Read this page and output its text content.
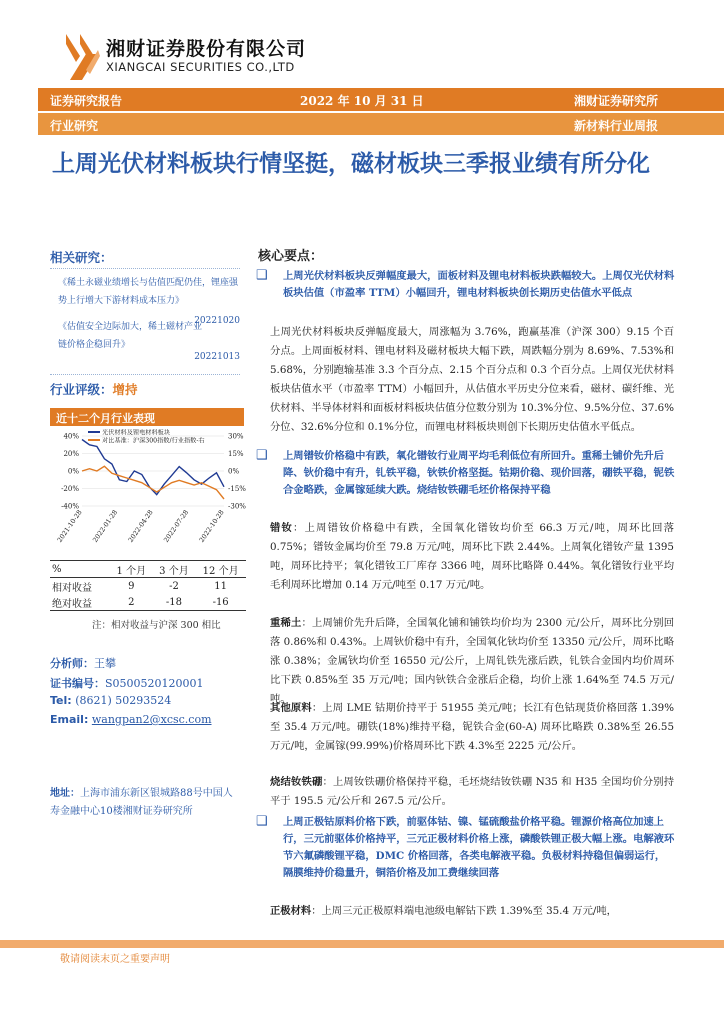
湘财证券股份有限公司
XIANGCAI SECURITIES CO.,LTD
证券研究报告	2022 年 10 月 31 日	湘财证券研究所
行业研究	新材料行业周报
上周光伏材料板块行情坚挺，磁材板块三季报业绩有所分化
相关研究：
《稀土永磁业绩增长与估值匹配仍佳，锂座强势上行增大下游材料成本压力》
20221020
《估值安全边际加大，稀土磁材产业链价格企稳回升》
20221013
行业评级：增持
近十二个月行业表现
40%
20%
0%
-20%
-40%
30%
15%
0%
-15%
-30%
2021-10-28 2022-01-28 2022-04-28 2022-07-28 2022-10-28
光伏材料及锂电材料板块
对比基准：沪深300指数/行业指数-右
%	1 个月	3 个月	12 个月
相对收益	9	-2	11
绝对收益	2	-18	-16
注：相对收益与沪深 300 相比
分析师：王攀
证书编号：S0500520120001
Tel: (8621) 50293524
Email: wangpan2@xcsc.com
地址：上海市浦东新区银城路88号中国人寿金融中心10楼湘财证券研究所
核心要点：
❑ 上周光伏材料板块反弹幅度最大，面板材料及锂电材料板块跌幅较大。上周仅光伏材料板块估值（市盈率 TTM）小幅回升，锂电材料板块创长期历史估值水平低点
上周光伏材料板块反弹幅度最大，周涨幅为 3.76%，跑赢基准（沪深 300）9.15 个百分点。上周面板材料、锂电材料及磁材板块大幅下跌，周跌幅分别为 8.69%、7.53%和 5.68%，分别跑输基准 3.3 个百分点、2.15 个百分点和 0.3 个百分点。上周仅光伏材料板块估值水平（市盈率 TTM）小幅回升，从估值水平历史分位来看，磁材、碳纤维、光伏材料、半导体材料和面板材料板块估值分位数分别为 10.3%分位、9.5%分位、37.6%分位、32.6%分位和 0.1%分位，而锂电材料板块则创下长期历史估值水平低点。
❑ 上周镨钕价格稳中有跌，氧化镨钕行业周平均毛利低位有所回升。重稀土铺价先升后降、钬价稳中有升，钆铁平稳，钬铁价格坚挺。钴期价稳、现价回落，硼铁平稳，铌铁合金略跌，金属镓延续大跌。烧结钕铁硼毛坯价格保持平稳
错钕：上周镨钕价格稳中有跌，全国氧化镨钕均价至 66.3 万元/吨，周环比回落 0.75%；镨钕金属均价至 79.8 万元/吨，周环比下跌 2.44%。上周氧化镨钕产量 1395 吨，周环比持平；氧化镨钕工厂库存 3366 吨，周环比略降 0.44%。氧化镨钕行业平均毛利周环比增加 0.14 万元/吨至 0.17 万元/吨。
重稀土：上周铺价先升后降，全国氧化铺和铺铁均价均为 2300 元/公斤，周环比分别回落 0.86%和 0.43%。上周钬价稳中有升，全国氧化钬均价至 13350 元/公斤，周环比略涨 0.38%；金属钬均价至 16550 元/公斤，上周钆铁先涨后跌，钆铁合金国内均价周环比下跌 0.85%至 35 万元/吨；国内钬铁合金涨后企稳，均价上涨 1.64%至 74.5 万元/吨。
其他原料：上周 LME 钴期价持平于 51955 美元/吨；长江有色钴现货价格回落 1.39%至 35.4 万元/吨。硼铁(18%)维持平稳，铌铁合金(60-A) 周环比略跌 0.38%至 26.55 万元/吨，金属镓(99.99%)价格周环比下跌 4.3%至 2225 元/公斤。
烧结钕铁硼：上周钕铁硼价格保持平稳，毛坯烧结钕铁硼 N35 和 H35 全国均价分别持平于 195.5 元/公斤和 267.5 元/公斤。
❑ 上周正极钴原料价格下跌，前驱体钴、镍、锰硫酸盐价格平稳。锂源价格高位加速上行，三元前驱体价格持平，三元正极材料价格上涨，磷酸铁锂正极大幅上涨。电解液环节六氟磷酸锂平稳，DMC 价格回落，各类电解液平稳。负极材料持稳但偏弱运行，隔膜维持价稳量升，铜箔价格及加工费继续回落
正极材料：上周三元正极原料端电池级电解钴下跌 1.39%至 35.4 万元/吨，
敬请阅读末页之重要声明
